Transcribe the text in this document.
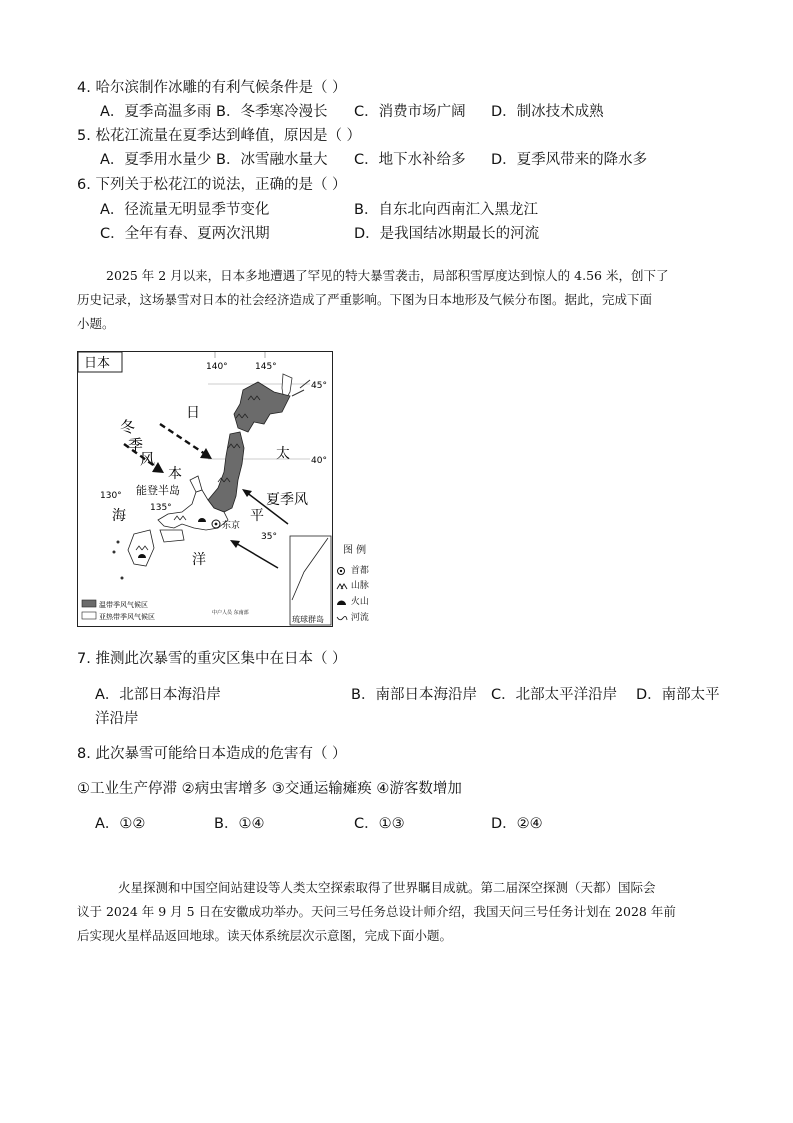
4. 哈尔滨制作冰雕的有利气候条件是（ ）
A．夏季高温多雨 B．冬季寒冷漫长 C．消费市场广阔 D．制冰技术成熟
5. 松花江流量在夏季达到峰值，原因是（ ）
A．夏季用水量少 B．冰雪融水量大 C．地下水补给多 D．夏季风带来的降水多
6. 下列关于松花江的说法，正确的是（ ）
A．径流量无明显季节变化	B．自东北向西南汇入黑龙江
C．全年有春、夏两次汛期	D．是我国结冰期最长的河流
2025 年 2 月以来，日本多地遭遇了罕见的特大暴雪袭击，局部积雪厚度达到惊人的 4.56 米，创下了
历史记录，这场暴雪对日本的社会经济造成了严重影响。下图为日本地形及气候分布图。据此，完成下面
小题。
日本	140°	145°
45°
40°
35°
130°
135°
东京
日
本
海
太
平
洋
能登半岛
冬
季
风
夏季风
琉球群岛
中户人员 东南部
温带季风气候区
亚热带季风气候区
图 例
首都
山脉
火山
河流
7. 推测此次暴雪的重灾区集中在日本（ ）
A．北部日本海沿岸	B．南部日本海沿岸 C．北部太平洋沿岸 D．南部太平
洋沿岸
8. 此次暴雪可能给日本造成的危害有（ ）
①工业生产停滞 ②病虫害增多 ③交通运输瘫痪 ④游客数增加
A．①②	B．①④	C．①③	D．②④
火星探测和中国空间站建设等人类太空探索取得了世界瞩目成就。第二届深空探测（天都）国际会
议于 2024 年 9 月 5 日在安徽成功举办。天问三号任务总设计师介绍，我国天问三号任务计划在 2028 年前
后实现火星样品返回地球。读天体系统层次示意图，完成下面小题。
